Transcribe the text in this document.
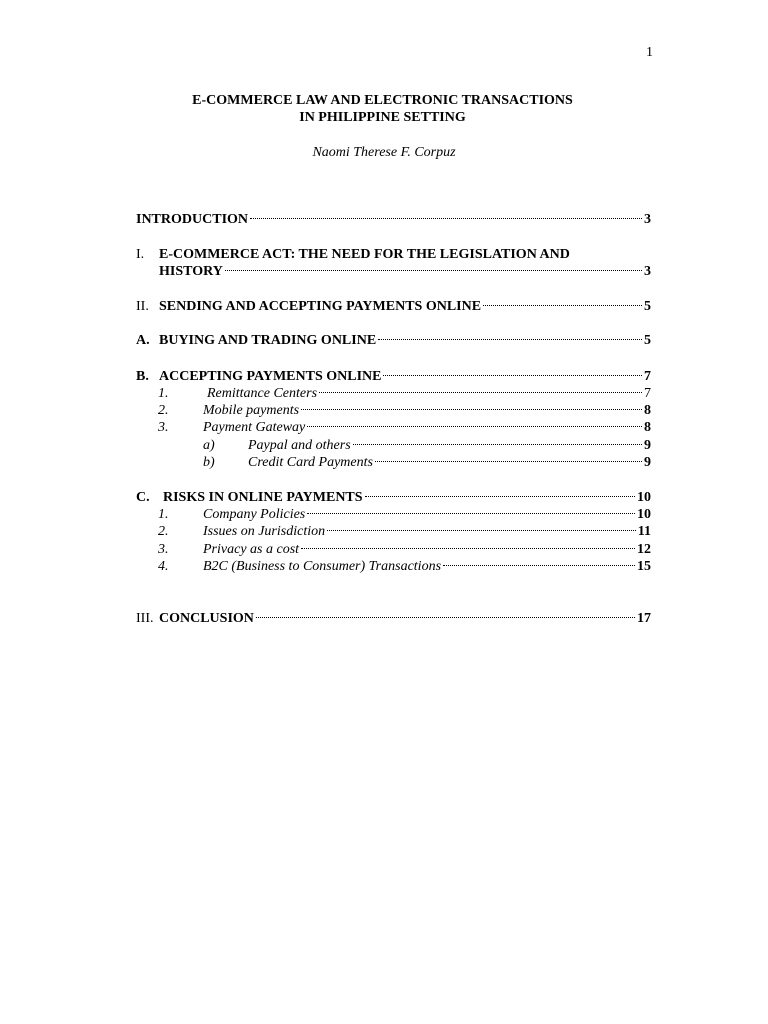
1
E-COMMERCE LAW AND ELECTRONIC TRANSACTIONS
IN PHILIPPINE SETTING
Naomi Therese F. Corpuz
INTRODUCTION	3
I.	E-COMMERCE ACT: THE NEED FOR THE LEGISLATION AND
HISTORY	3
II. SENDING AND ACCEPTING PAYMENTS ONLINE	5
A. BUYING AND TRADING ONLINE	5
B. ACCEPTING PAYMENTS ONLINE	7
1.	Remittance Centers	7
2.	Mobile payments	8
3.	Payment Gateway	8
a)	Paypal and others	9
b)	Credit Card Payments	9
C. RISKS IN ONLINE PAYMENTS	10
1.	Company Policies	10
2.	Issues on Jurisdiction	11
3.	Privacy as a cost	12
4.	B2C (Business to Consumer) Transactions	15
III. CONCLUSION	17
